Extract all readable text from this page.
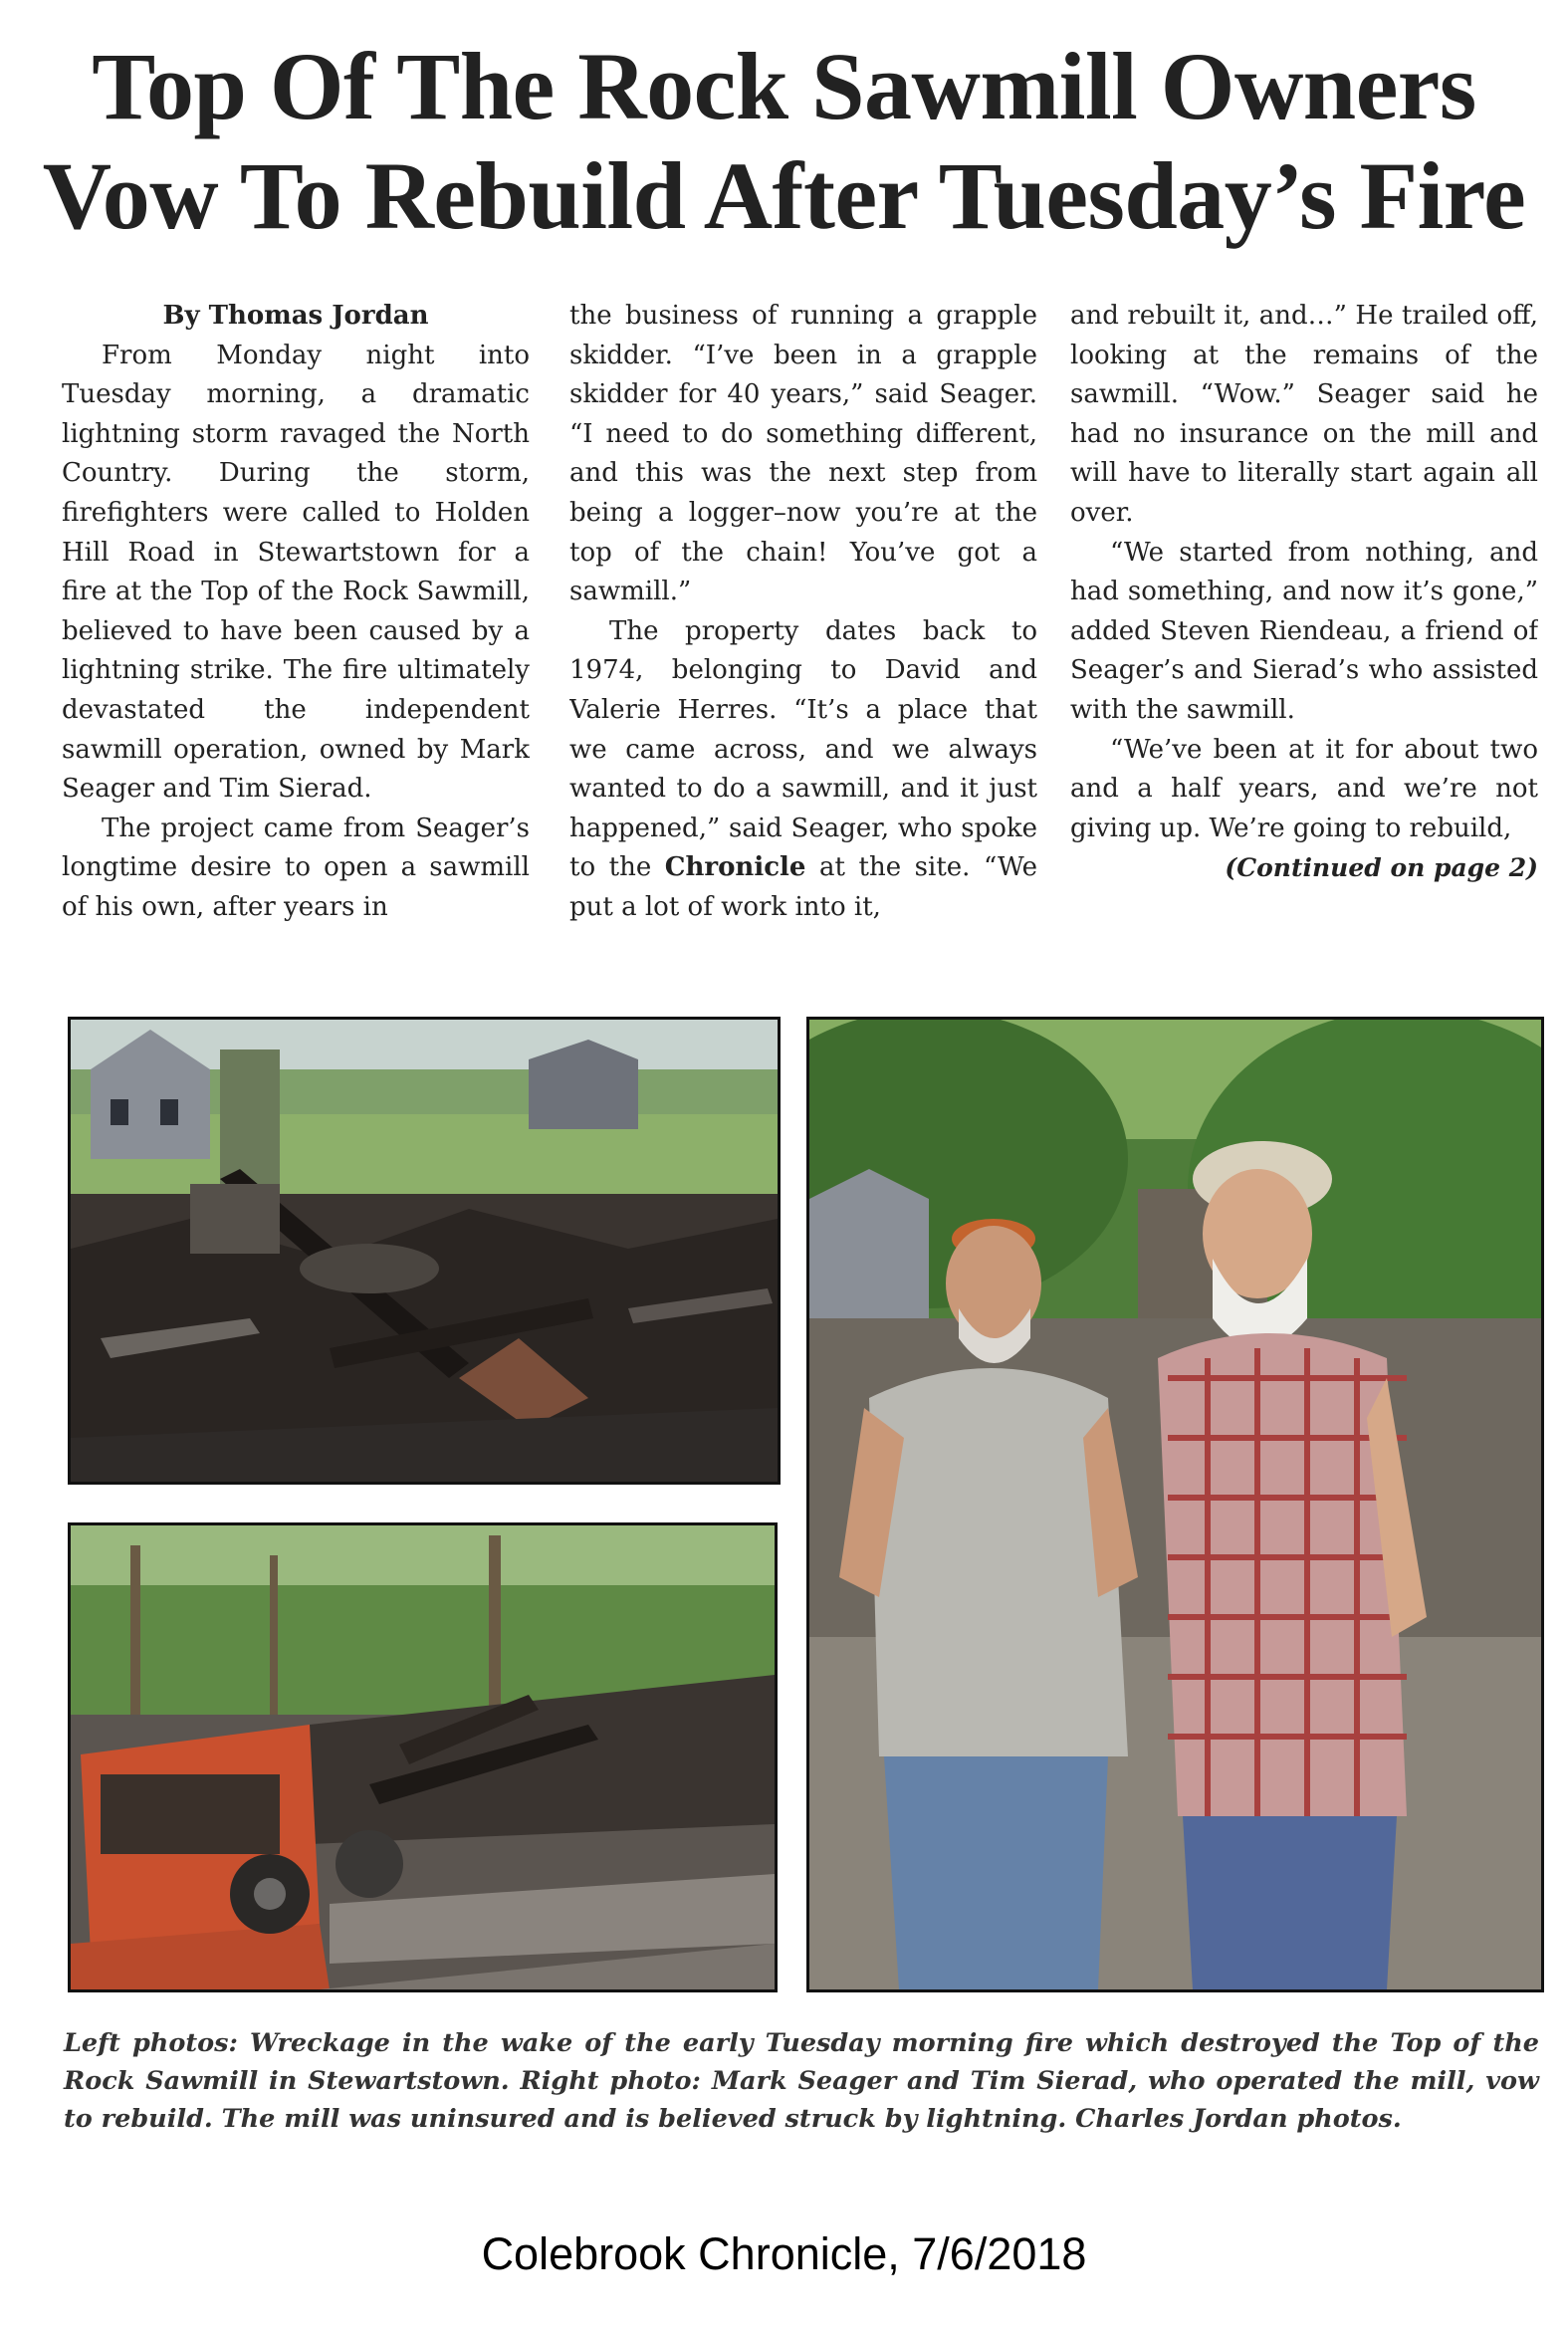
Top Of The Rock Sawmill Owners
Vow To Rebuild After Tuesday’s Fire

By Thomas Jordan

From Monday night into Tuesday morning, a dramatic lightning storm ravaged the North Country. During the storm, firefighters were called to Holden Hill Road in Stewartstown for a fire at the Top of the Rock Sawmill, believed to have been caused by a lightning strike. The fire ultimately devastated the independent sawmill operation, owned by Mark Seager and Tim Sierad.

The project came from Seager’s longtime desire to open a sawmill of his own, after years in

the business of running a grapple skidder. “I’ve been in a grapple skidder for 40 years,” said Seager. “I need to do something different, and this was the next step from being a logger–now you’re at the top of the chain! You’ve got a sawmill.”

The property dates back to 1974, belonging to David and Valerie Herres. “It’s a place that we came across, and we always wanted to do a sawmill, and it just happened,” said Seager, who spoke to the Chronicle at the site. “We put a lot of work into it,

and rebuilt it, and…” He trailed off, looking at the remains of the sawmill. “Wow.” Seager said he had no insurance on the mill and will have to literally start again all over.

“We started from nothing, and had something, and now it’s gone,” added Steven Riendeau, a friend of Seager’s and Sierad’s who assisted with the sawmill.

“We’ve been at it for about two and a half years, and we’re not giving up. We’re going to rebuild,

(Continued on page 2)

Left photos: Wreckage in the wake of the early Tuesday morning fire which destroyed the Top of the Rock Sawmill in Stewartstown. Right photo: Mark Seager and Tim Sierad, who operated the mill, vow to rebuild. The mill was uninsured and is believed struck by lightning. Charles Jordan photos.

Colebrook Chronicle, 7/6/2018
